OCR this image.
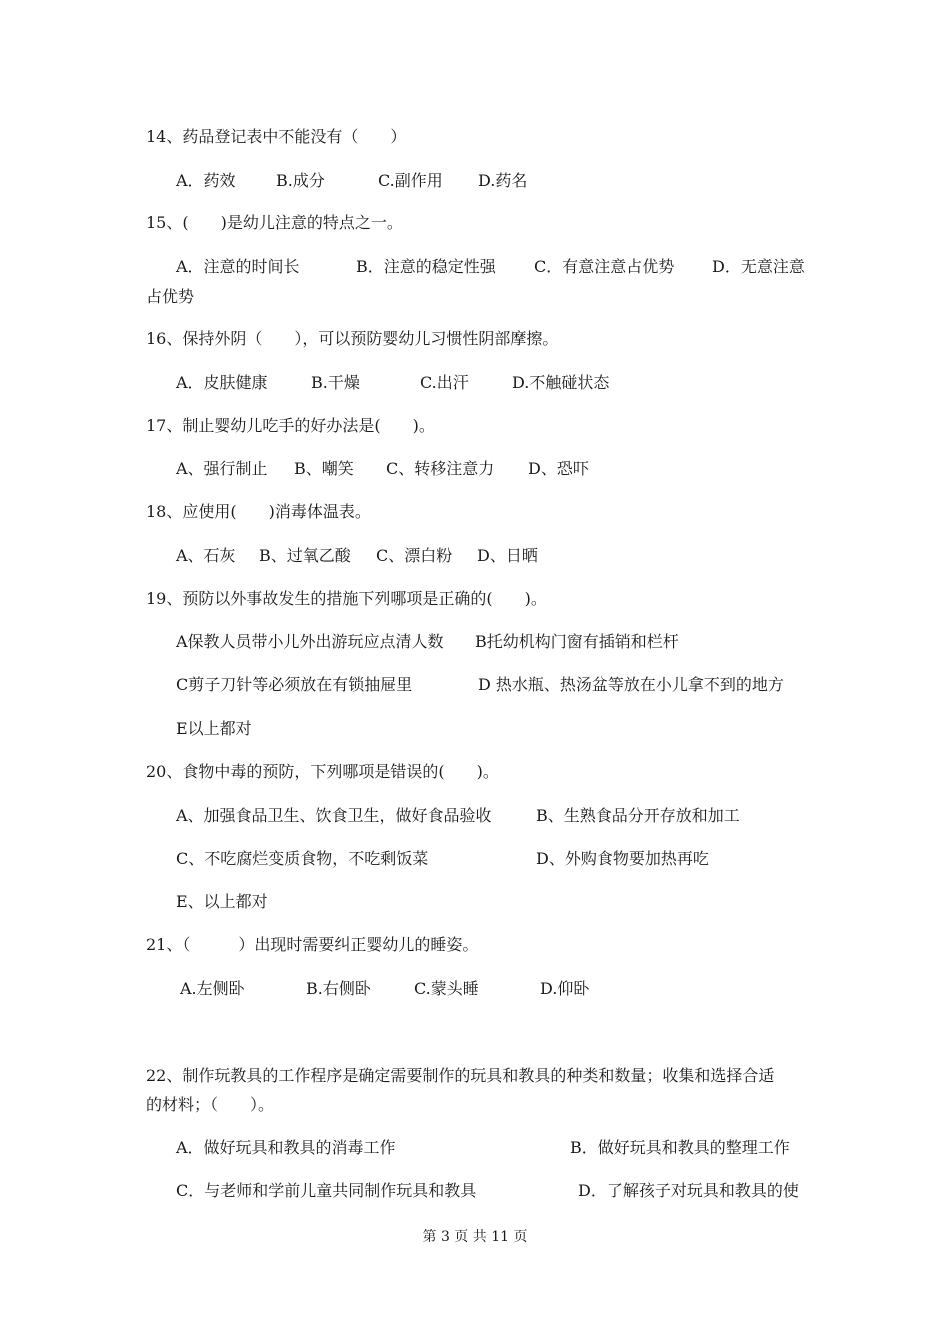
14、药品登记表中不能没有（　　）
A．药效	B.成分	C.副作用 D.药名
15、(　　)是幼儿注意的特点之一。
A．注意的时间长	B．注意的稳定性强 C．有意注意占优势 D．无意注意
占优势
16、保持外阴（　　），可以预防婴幼儿习惯性阴部摩擦。
A．皮肤健康	B.干燥	C.出汗	D.不触碰状态
17、制止婴幼儿吃手的好办法是(　　)。
A、强行制止 B、嘲笑 C、转移注意力 D、恐吓
18、应使用(　　)消毒体温表。
A、石灰 B、过氧乙酸 C、漂白粉 D、日晒
19、预防以外事故发生的措施下列哪项是正确的(　　)。
A保教人员带小儿外出游玩应点清人数 B托幼机构门窗有插销和栏杆
C剪子刀针等必须放在有锁抽屉里	D 热水瓶、热汤盆等放在小儿拿不到的地方
E以上都对
20、食物中毒的预防，下列哪项是错误的(　　)。
A、加强食品卫生、饮食卫生，做好食品验收	B、生熟食品分开存放和加工
C、不吃腐烂变质食物，不吃剩饭菜	D、外购食物要加热再吃
E、以上都对
21、（　　　）出现时需要纠正婴幼儿的睡姿。
A.左侧卧	B.右侧卧	C.蒙头睡	D.仰卧
22、制作玩教具的工作程序是确定需要制作的玩具和教具的种类和数量；收集和选择合适
的材料；（　　）。
A．做好玩具和教具的消毒工作	B．做好玩具和教具的整理工作
C．与老师和学前儿童共同制作玩具和教具	D．了解孩子对玩具和教具的使
第 3 页 共 11 页
